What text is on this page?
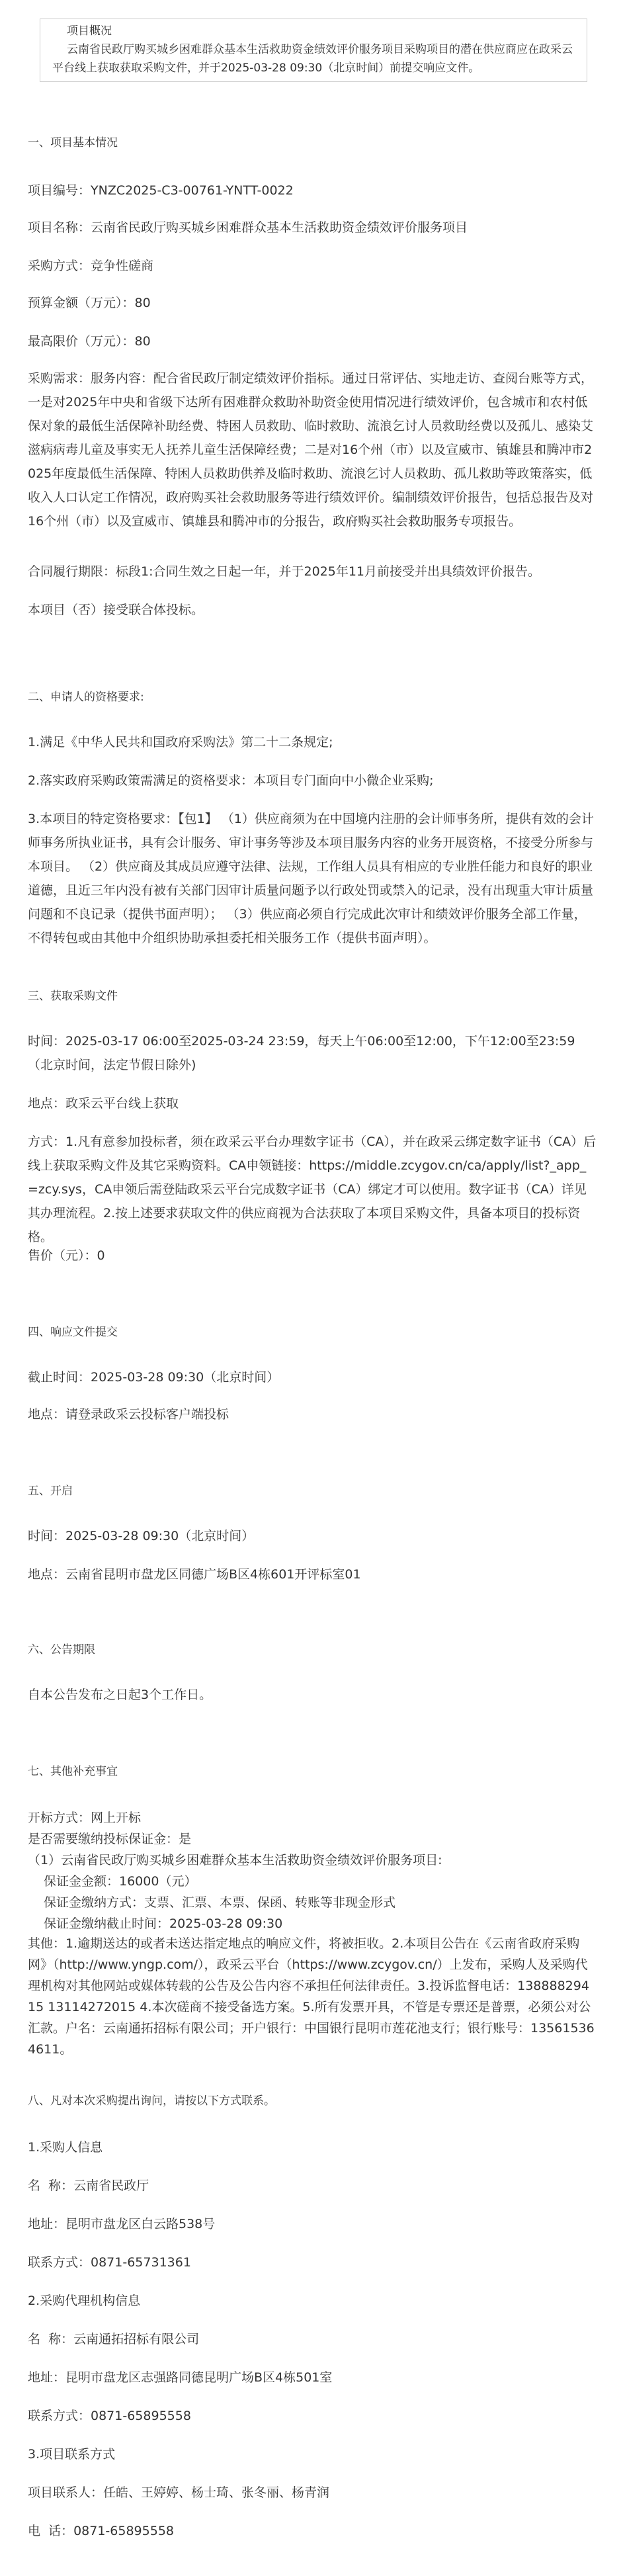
项目概况
云南省民政厅购买城乡困难群众基本生活救助资金绩效评价服务项目采购项目的潜在供应商应在政采云平台线上获取获取采购文件，并于2025-03-28 09:30（北京时间）前提交响应文件。
一、项目基本情况
项目编号：YNZC2025-C3-00761-YNTT-0022
项目名称：云南省民政厅购买城乡困难群众基本生活救助资金绩效评价服务项目
采购方式：竞争性磋商
预算金额（万元）：80
最高限价（万元）：80
采购需求：服务内容：配合省民政厅制定绩效评价指标。通过日常评估、实地走访、查阅台账等方式，一是对2025年中央和省级下达所有困难群众救助补助资金使用情况进行绩效评价，包含城市和农村低保对象的最低生活保障补助经费、特困人员救助、临时救助、流浪乞讨人员救助经费以及孤儿、感染艾滋病病毒儿童及事实无人抚养儿童生活保障经费；二是对16个州（市）以及宣威市、镇雄县和腾冲市2025年度最低生活保障、特困人员救助供养及临时救助、流浪乞讨人员救助、孤儿救助等政策落实，低收入人口认定工作情况，政府购买社会救助服务等进行绩效评价。编制绩效评价报告，包括总报告及对16个州（市）以及宣威市、镇雄县和腾冲市的分报告，政府购买社会救助服务专项报告。
合同履行期限：标段1:合同生效之日起一年，并于2025年11月前接受并出具绩效评价报告。
本项目（否）接受联合体投标。
二、申请人的资格要求:
1.满足《中华人民共和国政府采购法》第二十二条规定;
2.落实政府采购政策需满足的资格要求：本项目专门面向中小微企业采购;
3.本项目的特定资格要求：【包1】 （1）供应商须为在中国境内注册的会计师事务所，提供有效的会计师事务所执业证书，具有会计服务、审计事务等涉及本项目服务内容的业务开展资格，不接受分所参与本项目。 （2）供应商及其成员应遵守法律、法规，工作组人员具有相应的专业胜任能力和良好的职业道德，且近三年内没有被有关部门因审计质量问题予以行政处罚或禁入的记录，没有出现重大审计质量问题和不良记录（提供书面声明）； （3）供应商必须自行完成此次审计和绩效评价服务全部工作量，不得转包或由其他中介组织协助承担委托相关服务工作（提供书面声明）。
三、获取采购文件
时间：2025-03-17 06:00至2025-03-24 23:59，每天上午06:00至12:00，下午12:00至23:59（北京时间，法定节假日除外)
地点：政采云平台线上获取
方式：1.凡有意参加投标者，须在政采云平台办理数字证书（CA），并在政采云绑定数字证书（CA）后线上获取采购文件及其它采购资料。CA申领链接：https://middle.zcygov.cn/ca/apply/list?_app_=zcy.sys，CA申领后需登陆政采云平台完成数字证书（CA）绑定才可以使用。数字证书（CA）详见其办理流程。2.按上述要求获取文件的供应商视为合法获取了本项目采购文件，具备本项目的投标资格。
售价（元）：0
四、响应文件提交
截止时间：2025-03-28 09:30（北京时间）
地点：请登录政采云投标客户端投标
五、开启
时间：2025-03-28 09:30（北京时间）
地点：云南省昆明市盘龙区同德广场B区4栋601开评标室01
六、公告期限
自本公告发布之日起3个工作日。
七、其他补充事宜
开标方式：网上开标
是否需要缴纳投标保证金：是
（1）云南省民政厅购买城乡困难群众基本生活救助资金绩效评价服务项目:
保证金金额：16000（元）
保证金缴纳方式：支票、汇票、本票、保函、转账等非现金形式
保证金缴纳截止时间：2025-03-28 09:30
其他：1.逾期送达的或者未送达指定地点的响应文件，将被拒收。2.本项目公告在《云南省政府采购网》（http://www.yngp.com/），政采云平台（https://www.zcygov.cn/）上发布，采购人及采购代理机构对其他网站或媒体转载的公告及公告内容不承担任何法律责任。3.投诉监督电话：13888829415 13114272015 4.本次磋商不接受备选方案。5.所有发票开具，不管是专票还是普票，必须公对公汇款。户名：云南通拓招标有限公司；开户银行：中国银行昆明市莲花池支行；银行账号：135615364611。
八、凡对本次采购提出询问，请按以下方式联系。
1.采购人信息
名  称：云南省民政厅
地址：昆明市盘龙区白云路538号
联系方式：0871-65731361
2.采购代理机构信息
名  称：云南通拓招标有限公司
地址：昆明市盘龙区志强路同德昆明广场B区4栋501室
联系方式：0871-65895558
3.项目联系方式
项目联系人：任皓、王婷婷、杨士琦、张冬丽、杨青润
电  话：0871-65895558
